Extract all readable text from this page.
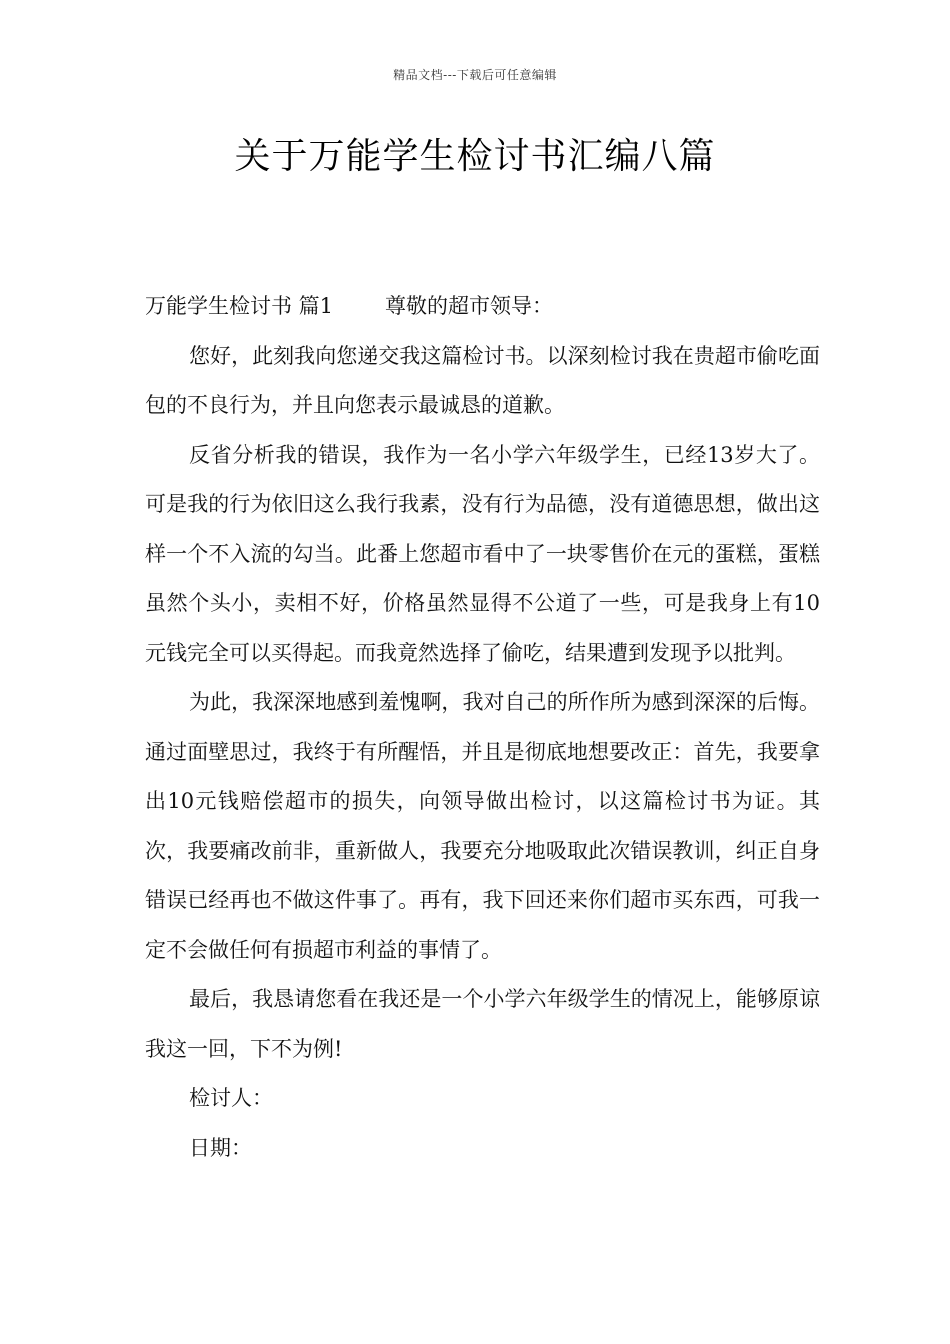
精品文档---下载后可任意编辑
关于万能学生检讨书汇编八篇

万能学生检讨书 篇1 尊敬的超市领导：

您好，此刻我向您递交我这篇检讨书。以深刻检讨我在贵超市偷吃面包的不良行为，并且向您表示最诚恳的道歉。

反省分析我的错误，我作为一名小学六年级学生，已经13岁大了。可是我的行为依旧这么我行我素，没有行为品德，没有道德思想，做出这样一个不入流的勾当。此番上您超市看中了一块零售价在元的蛋糕，蛋糕虽然个头小，卖相不好，价格虽然显得不公道了一些，可是我身上有10元钱完全可以买得起。而我竟然选择了偷吃，结果遭到发现予以批判。

为此，我深深地感到羞愧啊，我对自己的所作所为感到深深的后悔。通过面壁思过，我终于有所醒悟，并且是彻底地想要改正：首先，我要拿出10元钱赔偿超市的损失，向领导做出检讨，以这篇检讨书为证。其次，我要痛改前非，重新做人，我要充分地吸取此次错误教训，纠正自身错误已经再也不做这件事了。再有，我下回还来你们超市买东西，可我一定不会做任何有损超市利益的事情了。

最后，我恳请您看在我还是一个小学六年级学生的情况上，能够原谅我这一回，下不为例!

检讨人：

日期：
